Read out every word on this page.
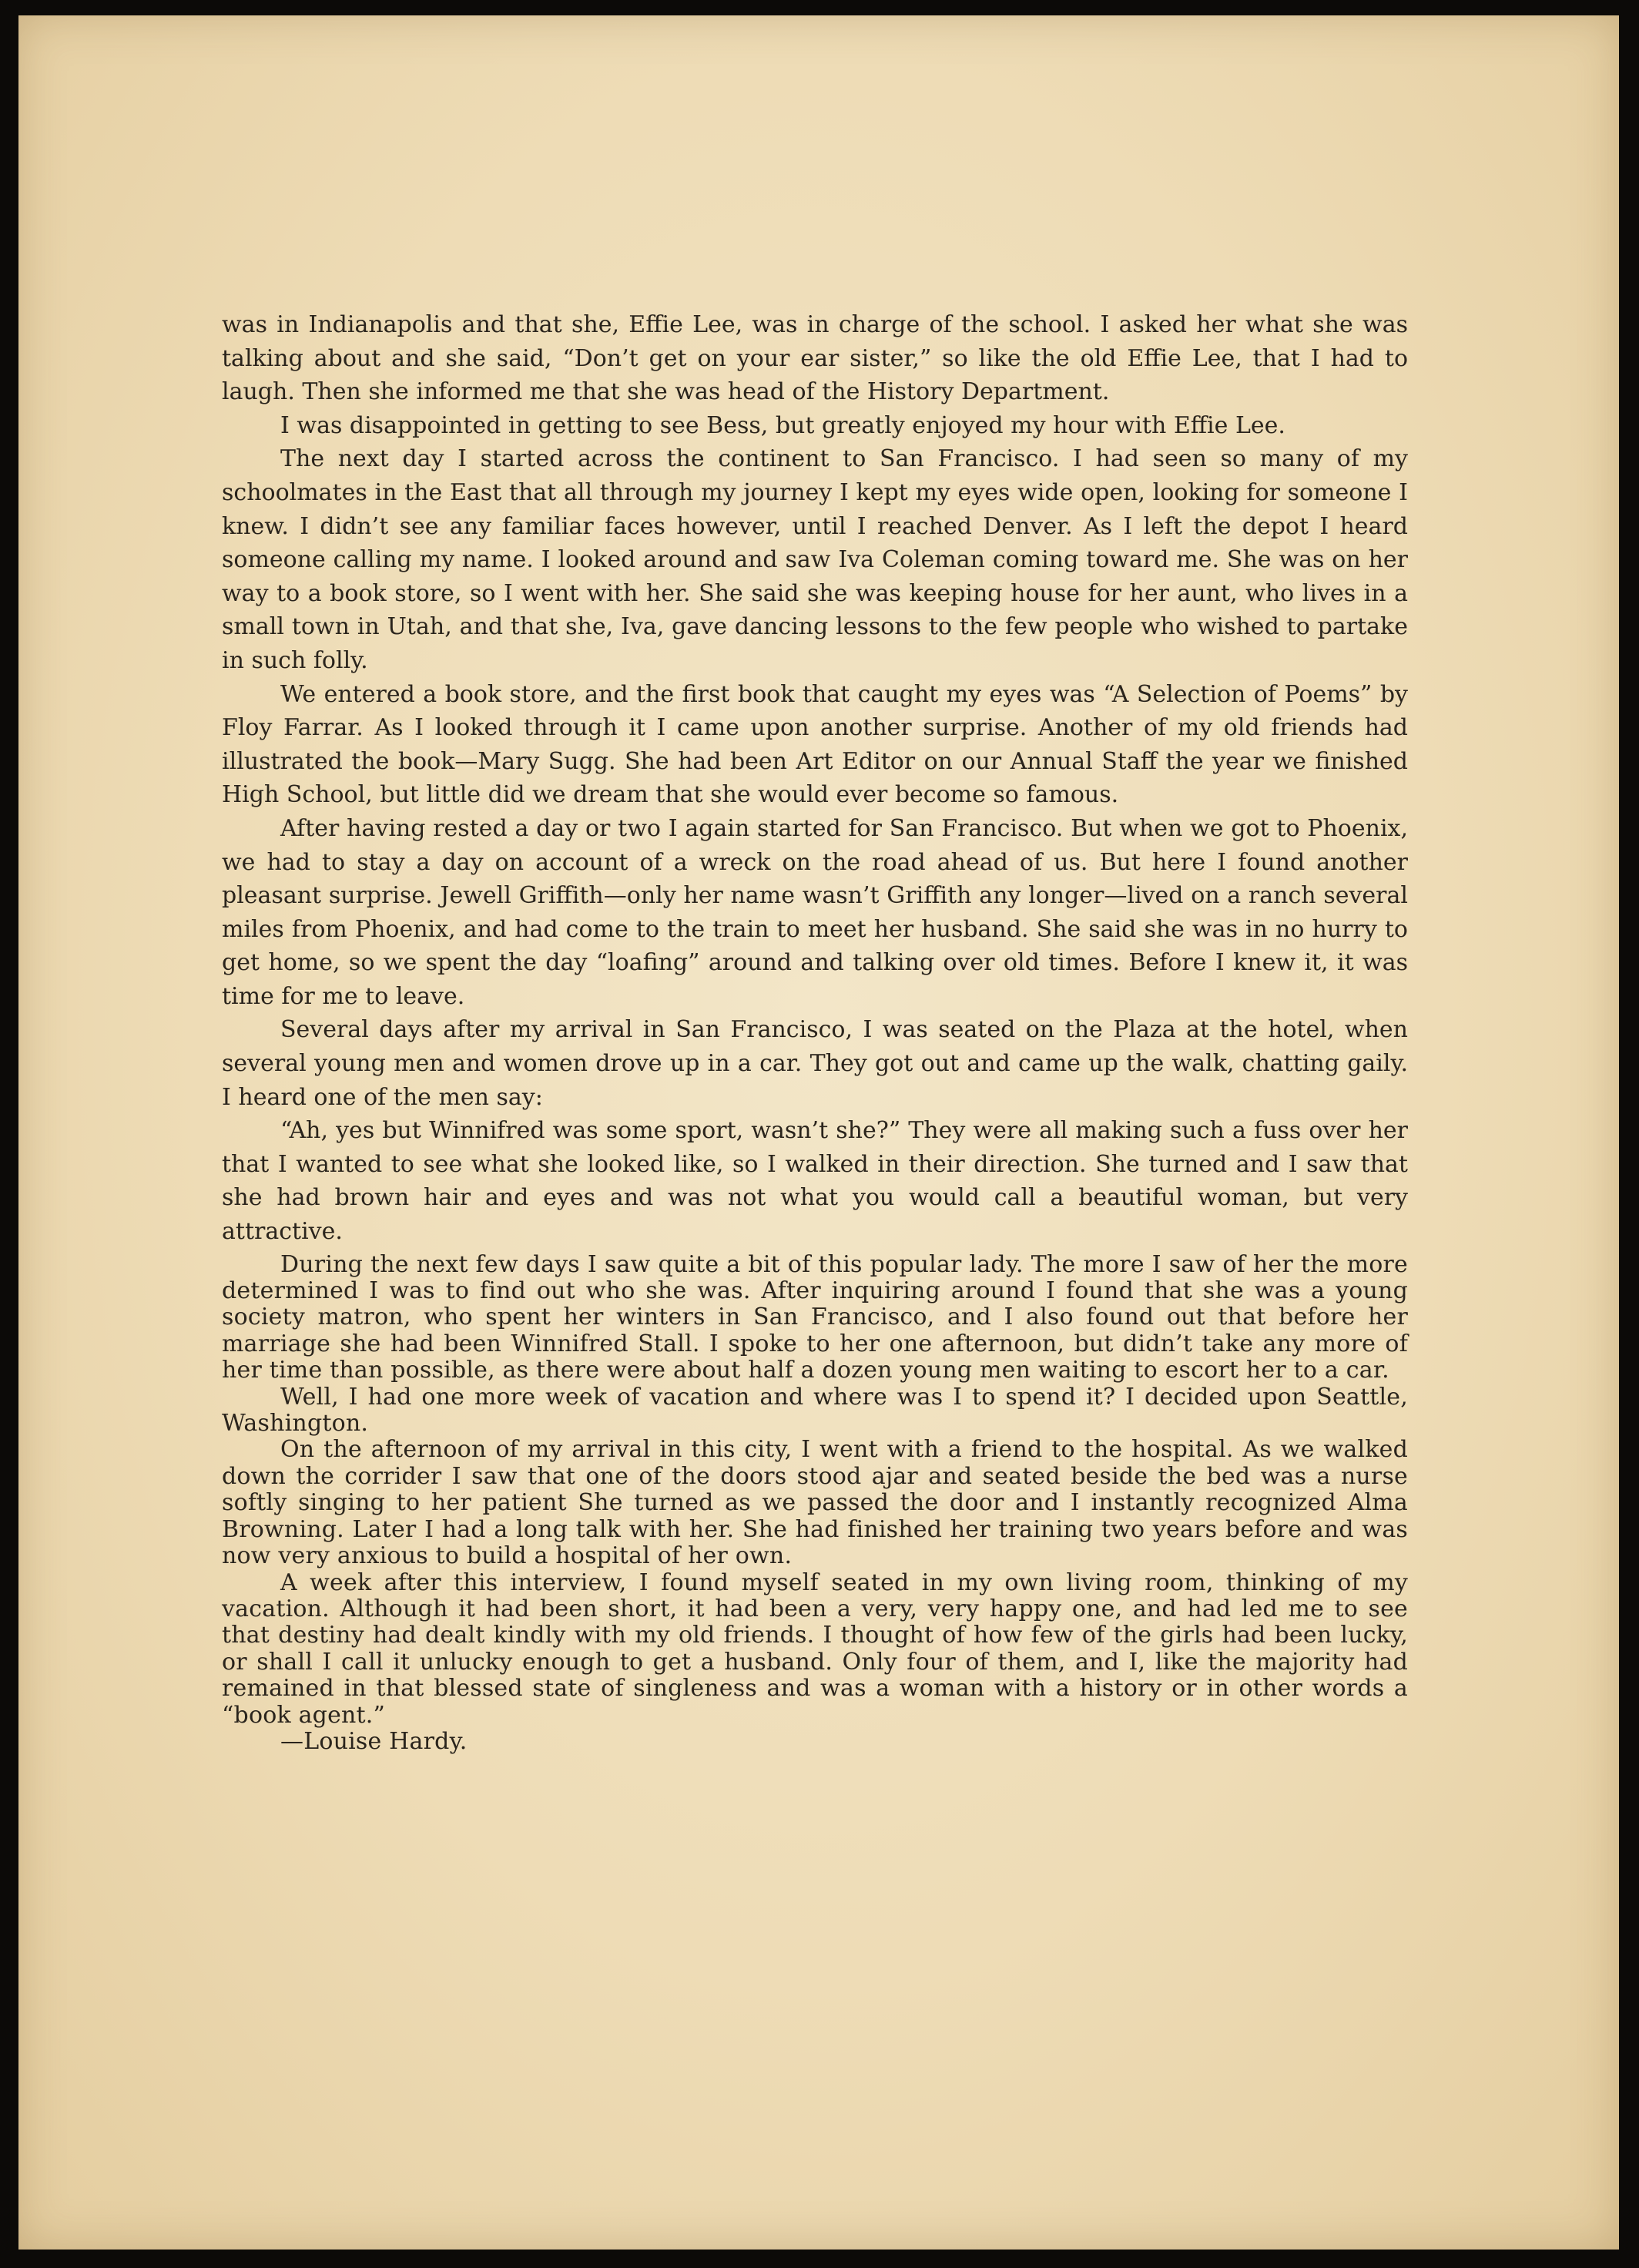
was in Indianapolis and that she, Effie Lee, was in charge of the school. I asked her what she was talking about and she said, “Don’t get on your ear sister,” so like the old Effie Lee, that I had to laugh. Then she informed me that she was head of the History Department.

I was disappointed in getting to see Bess, but greatly enjoyed my hour with Effie Lee.

The next day I started across the continent to San Francisco. I had seen so many of my schoolmates in the East that all through my journey I kept my eyes wide open, looking for someone I knew. I didn’t see any familiar faces however, until I reached Denver. As I left the depot I heard someone calling my name. I looked around and saw Iva Coleman coming toward me. She was on her way to a book store, so I went with her. She said she was keeping house for her aunt, who lives in a small town in Utah, and that she, Iva, gave dancing lessons to the few people who wished to partake in such folly.

We entered a book store, and the first book that caught my eyes was “A Selection of Poems” by Floy Farrar. As I looked through it I came upon another surprise. Another of my old friends had illustrated the book—Mary Sugg. She had been Art Editor on our Annual Staff the year we finished High School, but little did we dream that she would ever become so famous.

After having rested a day or two I again started for San Francisco. But when we got to Phoenix, we had to stay a day on account of a wreck on the road ahead of us. But here I found another pleasant surprise. Jewell Griffith—only her name wasn’t Griffith any longer—lived on a ranch several miles from Phoenix, and had come to the train to meet her husband. She said she was in no hurry to get home, so we spent the day “loafing” around and talking over old times. Before I knew it, it was time for me to leave.

Several days after my arrival in San Francisco, I was seated on the Plaza at the hotel, when several young men and women drove up in a car. They got out and came up the walk, chatting gaily. I heard one of the men say:

“Ah, yes but Winnifred was some sport, wasn’t she?” They were all making such a fuss over her that I wanted to see what she looked like, so I walked in their direction. She turned and I saw that she had brown hair and eyes and was not what you would call a beautiful woman, but very attractive.

During the next few days I saw quite a bit of this popular lady. The more I saw of her the more determined I was to find out who she was. After inquiring around I found that she was a young society matron, who spent her winters in San Francisco, and I also found out that before her marriage she had been Winnifred Stall. I spoke to her one afternoon, but didn’t take any more of her time than possible, as there were about half a dozen young men waiting to escort her to a car.

Well, I had one more week of vacation and where was I to spend it? I decided upon Seattle, Washington.

On the afternoon of my arrival in this city, I went with a friend to the hospital. As we walked down the corrider I saw that one of the doors stood ajar and seated beside the bed was a nurse softly singing to her patient She turned as we passed the door and I instantly recognized Alma Browning. Later I had a long talk with her. She had finished her training two years before and was now very anxious to build a hospital of her own.

A week after this interview, I found myself seated in my own living room, thinking of my vacation. Although it had been short, it had been a very, very happy one, and had led me to see that destiny had dealt kindly with my old friends. I thought of how few of the girls had been lucky, or shall I call it unlucky enough to get a husband. Only four of them, and I, like the majority had remained in that blessed state of singleness and was a woman with a history or in other words a “book agent.”

—Louise Hardy.
